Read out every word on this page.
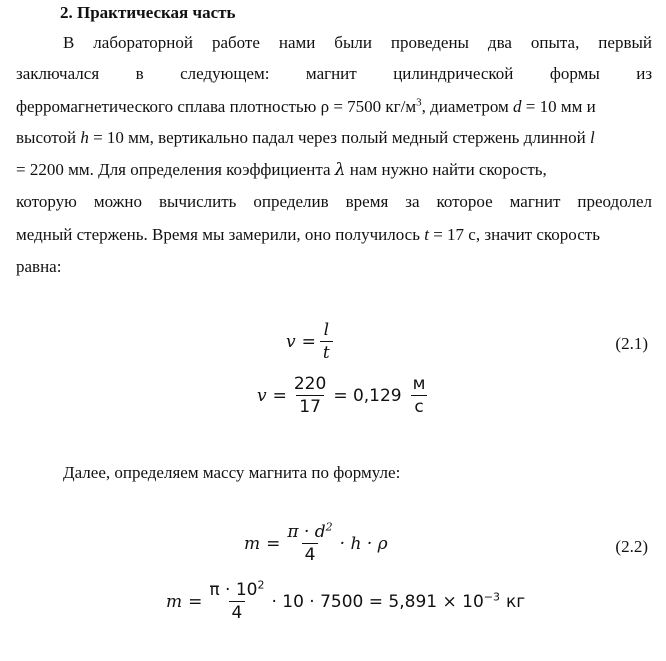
2. Практическая часть
В лабораторной работе нами были проведены два опыта, первый
заключался в следующем: магнит цилиндрической формы из
ферромагнетического сплава плотностью ρ = 7500 $кг/м^3$, диаметром d = 10 мм и
высотой h = 10 мм, вертикально падал через полый медный стержень длинной l
= 2200 мм. Для определения коэффициента λ нам нужно найти скорость,
которую можно вычислить определив время за которое магнит преодолел
медный стержень. Время мы замерили, оно получилось t = 17 с, значит скорость
равна:
$v = \frac{l}{t}$	(2.1)
$v = \frac{220}{17} = 0,129 \frac{м}{с}$
Далее, определяем массу магнита по формуле:
$m = \frac{\pi \cdot d^2}{4} \cdot h \cdot \rho$	(2.2)
$m = \frac{\pi \cdot 10^2}{4} \cdot 10 \cdot 7500 = 5,891 \times 10^{-3}$ кг
